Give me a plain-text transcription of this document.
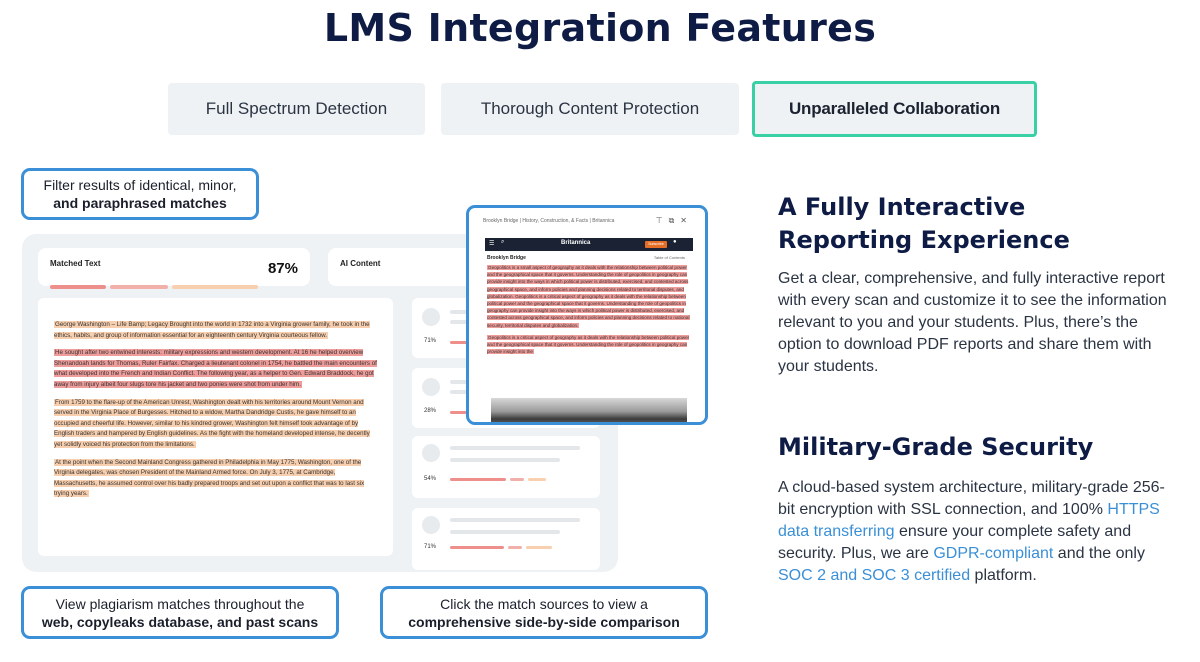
LMS Integration Features
Full Spectrum Detection	Thorough Content Protection	Unparalleled Collaboration
Matched Text	87%	AI Content

George Washington – Life Bamp; Legacy Brought into the world in 1732 into a Virginia grower family, he took in the ethics, habits, and group of information essential for an eighteenth century Virginia courteous fellow.

He sought after two entwined interests: military expressions and western development. At 16 he helped overview Shenandoah lands for Thomas, Ruler Fairfax. Charged a lieutenant colonel in 1754, he battled the main encounters of what developed into the French and Indian Conflict. The following year, as a helper to Gen. Edward Braddock, he got away from injury albeit four slugs tore his jacket and two ponies were shot from under him.

From 1759 to the flare-up of the American Unrest, Washington dealt with his territories around Mount Vernon and served in the Virginia Place of Burgesses. Hitched to a widow, Martha Dandridge Custis, he gave himself to an occupied and cheerful life. However, similar to his kindred grower, Washington felt himself took advantage of by English traders and hampered by English guidelines. As the fight with the homeland developed intense, he decently yet solidly voiced his protection from the limitations.

At the point when the Second Mainland Congress gathered in Philadelphia in May 1775, Washington, one of the Virginia delegates, was chosen President of the Mainland Armed force. On July 3, 1775, at Cambridge, Massachusetts, he assumed control over his badly prepared troops and set out upon a conflict that was to last six trying years.

71%
28%
54%
71%
Brooklyn Bridge | History, Construction, & Facts | Britannica	⊤⧉✕
☰ ⌕	Britannica	Subscribe	●
Brooklyn Bridge	Table of Contents

Geopolitics is a small aspect of geography as it deals with the relationship between political power and the geographical space that it governs. Understanding the role of geopolitics in geography can provide insight into the ways in which political power is distributed, exercised, and contested across geographical space, and inform policies and planning decisions related to territorial disputes, and globalization. Geopolitics is a critical aspect of geography as it deals with the relationship between political power and the geographical space that it governs. Understanding the role of geopolitics in geography can provide insight into the ways in which political power is distributed, exercised, and contested across geographical space, and inform policies and planning decisions related to national security, territorial disputes and globalization.

Geopolitics is a critical aspect of geography as it deals with the relationship between political power and the geographical space that it governs. Understanding the role of geopolitics in geography can provide insight into the

Filter results of identical, minor,
and paraphrased matches
View plagiarism matches throughout the
web, copyleaks database, and past scans
Click the match sources to view a
comprehensive side-by-side comparison
A Fully Interactive
Reporting Experience
Get a clear, comprehensive, and fully interactive report with every scan and customize it to see the information relevant to you and your students. Plus, there’s the option to download PDF reports and share them with your students.
Military-Grade Security
A cloud-based system architecture, military-grade 256-bit encryption with SSL connection, and 100% HTTPS data transferring ensure your complete safety and security. Plus, we are GDPR-compliant and the only SOC 2 and SOC 3 certified platform.
